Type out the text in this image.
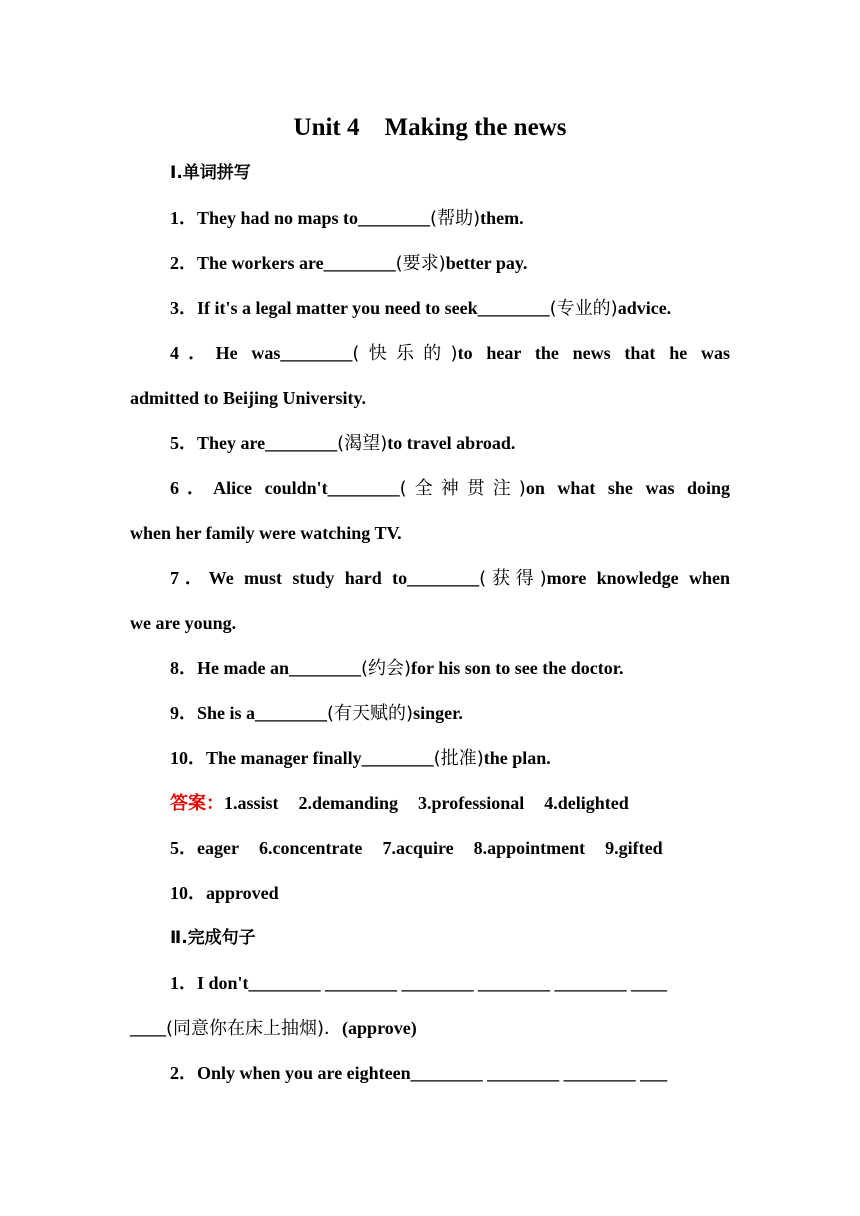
Unit 4　Making the news
Ⅰ.单词拼写
1．They had no maps to________(帮助)them.
2．The workers are________(要求)better pay.
3．If it's a legal matter you need to seek________(专业的)advice.
4．He was________(快乐的)to hear the news that he was
admitted to Beijing University.
5．They are________(渴望)to travel abroad.
6．Alice couldn't________(全神贯注)on what she was doing
when her family were watching TV.
7．We must study hard to________(获得)more knowledge when
we are young.
8．He made an________(约会)for his son to see the doctor.
9．She is a________(有天赋的)singer.
10．The manager finally________(批准)the plan.
答案：1.assist 2.demanding 3.professional 4.delighted
5．eager 6.concentrate 7.acquire 8.appointment 9.gifted
10．approved
Ⅱ.完成句子
1．I don't________ ________ ________ ________ ________ ____
____(同意你在床上抽烟)．(approve)
2．Only when you are eighteen________ ________ ________ ___
